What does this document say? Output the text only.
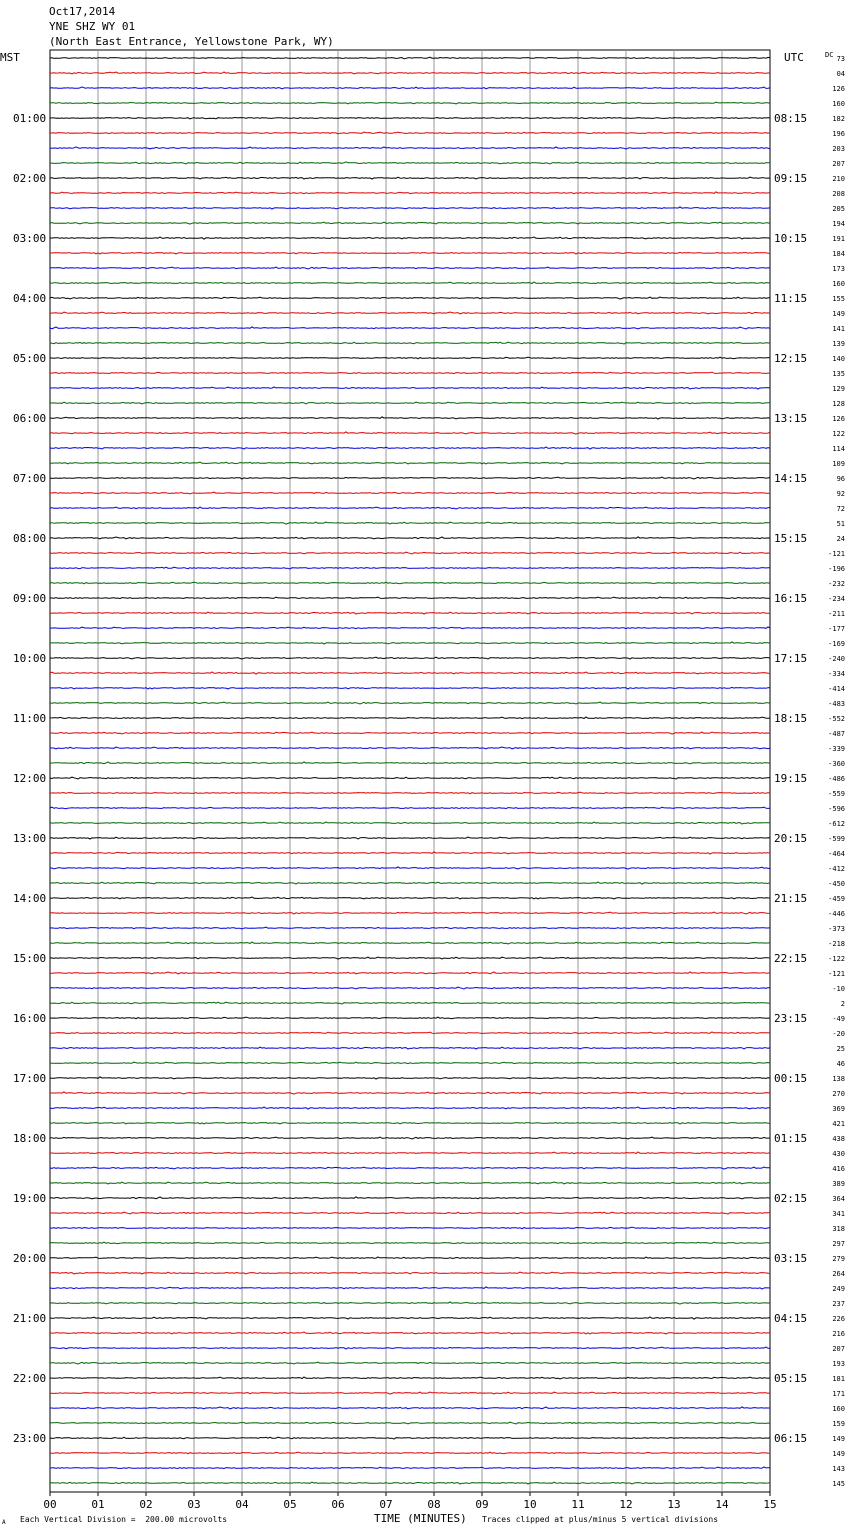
Oct17,2014
YNE SHZ WY 01
(North East Entrance, Yellowstone Park, WY)
00	01	02	03	04	05	06	07	08	09	10	11	12	13	14	15
MST	UTC	DC 73
04
126
160
182
196
203
207
210
208
205
194
191
184
173
160
155
149
141
139
140
135
129
128
126
122
114
109
96
92
72
51
24
-121
-196
-232
-234
-211
-177
-169
-240
-334
-414
-483
-552
-487
-339
-360
-486
-559
-596
-612
-599
-464
-412
-450
-459
-446
-373
-218
-122
-121
-10
2
-49
-20
25
46
138
270
369
421
438
430
416
389
364
341
318
297
279
264
249
237
226
216
207
193
181
171
160
159
149
149
143
145
01:00
02:00
03:00
04:00
05:00
06:00
07:00
08:00
09:00
10:00
11:00
12:00
13:00
14:00
15:00
16:00
17:00
18:00
19:00
20:00
21:00
22:00
23:00
08:15
09:15
10:15
11:15
12:15
13:15
14:15
15:15
16:15
17:15
18:15
19:15
20:15
21:15
22:15
23:15
00:15
01:15
02:15
03:15
04:15
05:15
06:15
TIME (MINUTES)
A Each Vertical Division =  200.00 microvolts	Traces clipped at plus/minus 5 vertical divisions
